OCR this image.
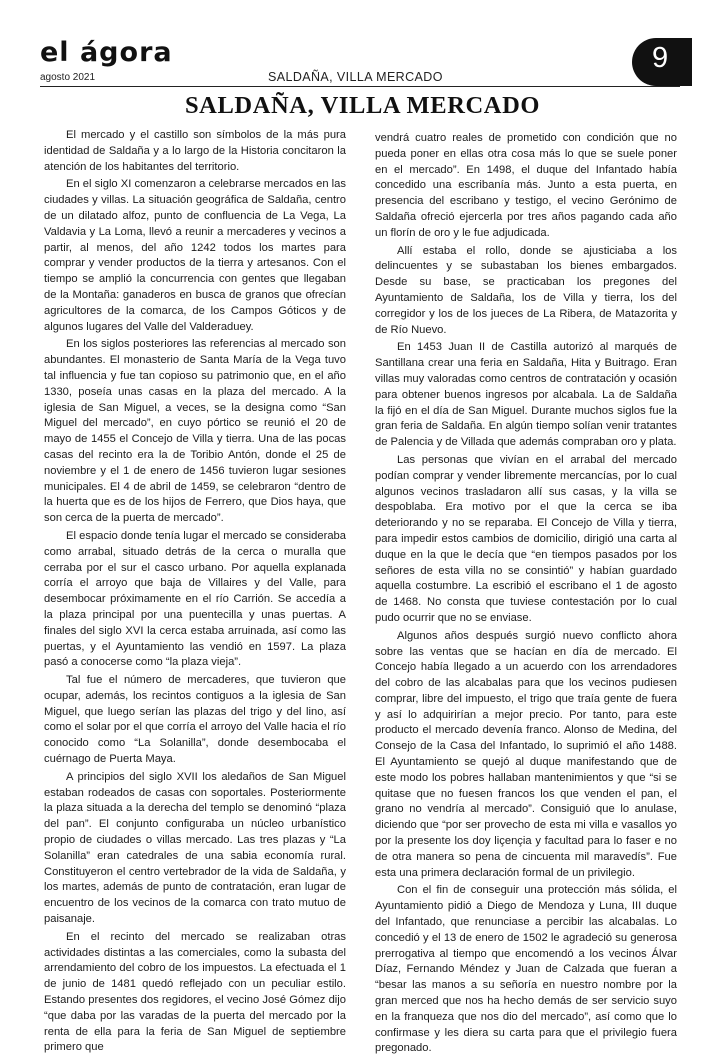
el ágora
agosto 2021	SALDAÑA, VILLA MERCADO
9
SALDAÑA, VILLA MERCADO

El mercado y el castillo son símbolos de la más pura identidad de Saldaña y a lo largo de la Historia concitaron la atención de los habitantes del territorio.

En el siglo XI comenzaron a celebrarse mercados en las ciudades y villas. La situación geográfica de Saldaña, centro de un dilatado alfoz, punto de confluencia de La Vega, La Valdavia y La Loma, llevó a reunir a mercaderes y vecinos a partir, al menos, del año 1242 todos los martes para comprar y vender productos de la tierra y artesanos. Con el tiempo se amplió la concurrencia con gentes que llegaban de la Montaña: ganaderos en busca de granos que ofrecían agricultores de la comarca, de los Campos Góticos y de algunos lugares del Valle del Valderaduey.

En los siglos posteriores las referencias al mercado son abundantes. El monasterio de Santa María de la Vega tuvo tal influencia y fue tan copioso su patrimonio que, en el año 1330, poseía unas casas en la plaza del mercado. A la iglesia de San Miguel, a veces, se la designa como “San Miguel del mercado”, en cuyo pórtico se reunió el 20 de mayo de 1455 el Concejo de Villa y tierra. Una de las pocas casas del recinto era la de Toribio Antón, donde el 25 de noviembre y el 1 de enero de 1456 tuvieron lugar sesiones municipales. El 4 de abril de 1459, se celebraron “dentro de la huerta que es de los hijos de Ferrero, que Dios haya, que son cerca de la puerta de mercado”.

El espacio donde tenía lugar el mercado se consideraba como arrabal, situado detrás de la cerca o muralla que cerraba por el sur el casco urbano. Por aquella explanada corría el arroyo que baja de Villaires y del Valle, para desembocar próximamente en el río Carrión. Se accedía a la plaza principal por una puentecilla y unas puertas. A finales del siglo XVI la cerca estaba arruinada, así como las puertas, y el Ayuntamiento las vendió en 1597. La plaza pasó a conocerse como “la plaza vieja”.

Tal fue el número de mercaderes, que tuvieron que ocupar, además, los recintos contiguos a la iglesia de San Miguel, que luego serían las plazas del trigo y del lino, así como el solar por el que corría el arroyo del Valle hacia el río conocido como “La Solanilla”, donde desembocaba el cuérnago de Puerta Maya.

A principios del siglo XVII los aledaños de San Miguel estaban rodeados de casas con soportales. Posteriormente la plaza situada a la derecha del templo se denominó “plaza del pan”. El conjunto configuraba un núcleo urbanístico propio de ciudades o villas mercado. Las tres plazas y “La Solanilla” eran catedrales de una sabia economía rural. Constituyeron el centro vertebrador de la vida de Saldaña, y los martes, además de punto de contratación, eran lugar de encuentro de los vecinos de la comarca con trato mutuo de paisanaje.

En el recinto del mercado se realizaban otras actividades distintas a las comerciales, como la subasta del arrendamiento del cobro de los impuestos. La efectuada el 1 de junio de 1481 quedó reflejado con un peculiar estilo. Estando presentes dos regidores, el vecino José Gómez dijo “que daba por las varadas de la puerta del mercado por la renta de ella para la feria de San Miguel de septiembre primero que

vendrá cuatro reales de prometido con condición que no pueda poner en ellas otra cosa más lo que se suele poner en el mercado”. En 1498, el duque del Infantado había concedido una escribanía más. Junto a esta puerta, en presencia del escribano y testigo, el vecino Gerónimo de Saldaña ofreció ejercerla por tres años pagando cada año un florín de oro y le fue adjudicada.

Allí estaba el rollo, donde se ajusticiaba a los delincuentes y se subastaban los bienes embargados. Desde su base, se practicaban los pregones del Ayuntamiento de Saldaña, los de Villa y tierra, los del corregidor y los de los jueces de La Ribera, de Matazorita y de Río Nuevo.

En 1453 Juan II de Castilla autorizó al marqués de Santillana crear una feria en Saldaña, Hita y Buitrago. Eran villas muy valoradas como centros de contratación y ocasión para obtener buenos ingresos por alcabala. La de Saldaña la fijó en el día de San Miguel. Durante muchos siglos fue la gran feria de Saldaña. En algún tiempo solían venir tratantes de Palencia y de Villada que además compraban oro y plata.

Las personas que vivían en el arrabal del mercado podían comprar y vender libremente mercancías, por lo cual algunos vecinos trasladaron allí sus casas, y la villa se despoblaba. Era motivo por el que la cerca se iba deteriorando y no se reparaba. El Concejo de Villa y tierra, para impedir estos cambios de domicilio, dirigió una carta al duque en la que le decía que “en tiempos pasados por los señores de esta villa no se consintió” y habían guardado aquella costumbre. La escribió el escribano el 1 de agosto de 1468. No consta que tuviese contestación por lo cual pudo ocurrir que no se enviase.

Algunos años después surgió nuevo conflicto ahora sobre las ventas que se hacían en día de mercado. El Concejo había llegado a un acuerdo con los arrendadores del cobro de las alcabalas para que los vecinos pudiesen comprar, libre del impuesto, el trigo que traía gente de fuera y así lo adquirirían a mejor precio. Por tanto, para este producto el mercado devenía franco. Alonso de Medina, del Consejo de la Casa del Infantado, lo suprimió el año 1488. El Ayuntamiento se quejó al duque manifestando que de este modo los pobres hallaban mantenimientos y que “si se quitase que no fuesen francos los que venden el pan, el grano no vendría al mercado”. Consiguió que lo anulase, diciendo que “por ser provecho de esta mi villa e vasallos yo por la presente los doy liçençia y facultad para lo faser e no de otra manera so pena de cincuenta mil maravedís”. Fue esta una primera declaración formal de un privilegio.

Con el fin de conseguir una protección más sólida, el Ayuntamiento pidió a Diego de Mendoza y Luna, III duque del Infantado, que renunciase a percibir las alcabalas. Lo concedió y el 13 de enero de 1502 le agradeció su generosa prerrogativa al tiempo que encomendó a los vecinos Álvar Díaz, Fernando Méndez y Juan de Calzada que fueran a “besar las manos a su señoría en nuestro nombre por la gran merced que nos ha hecho demás de ser servicio suyo en la franqueza que nos dio del mercado”, así como que lo confirmase y les diera su carta para que el privilegio fuera pregonado.
